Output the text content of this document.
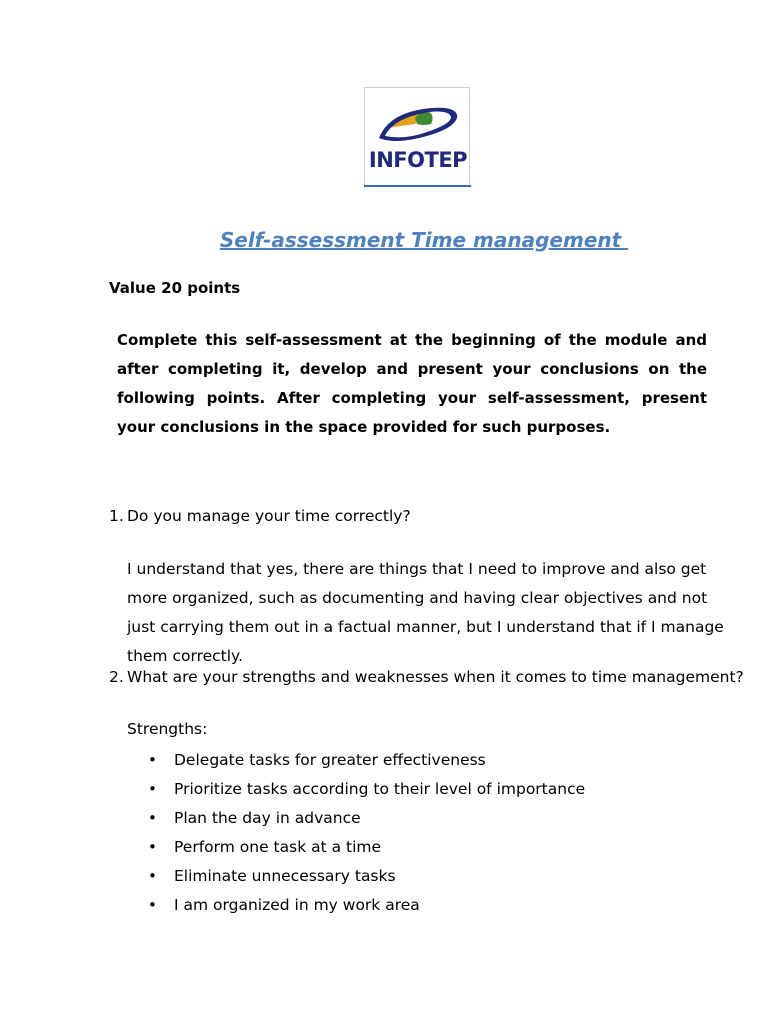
INFOTEP
Self-assessment Time management
Value 20 points
Complete this self-assessment at the beginning of the module and after completing it, develop and present your conclusions on the following points. After completing your self-assessment, present your conclusions in the space provided for such purposes.
1. Do you manage your time correctly?
I understand that yes, there are things that I need to improve and also get more organized, such as documenting and having clear objectives and not just carrying them out in a factual manner, but I understand that if I manage them correctly.
2. What are your strengths and weaknesses when it comes to time management?
Strengths:
• Delegate tasks for greater effectiveness
• Prioritize tasks according to their level of importance
• Plan the day in advance
• Perform one task at a time
• Eliminate unnecessary tasks
• I am organized in my work area
